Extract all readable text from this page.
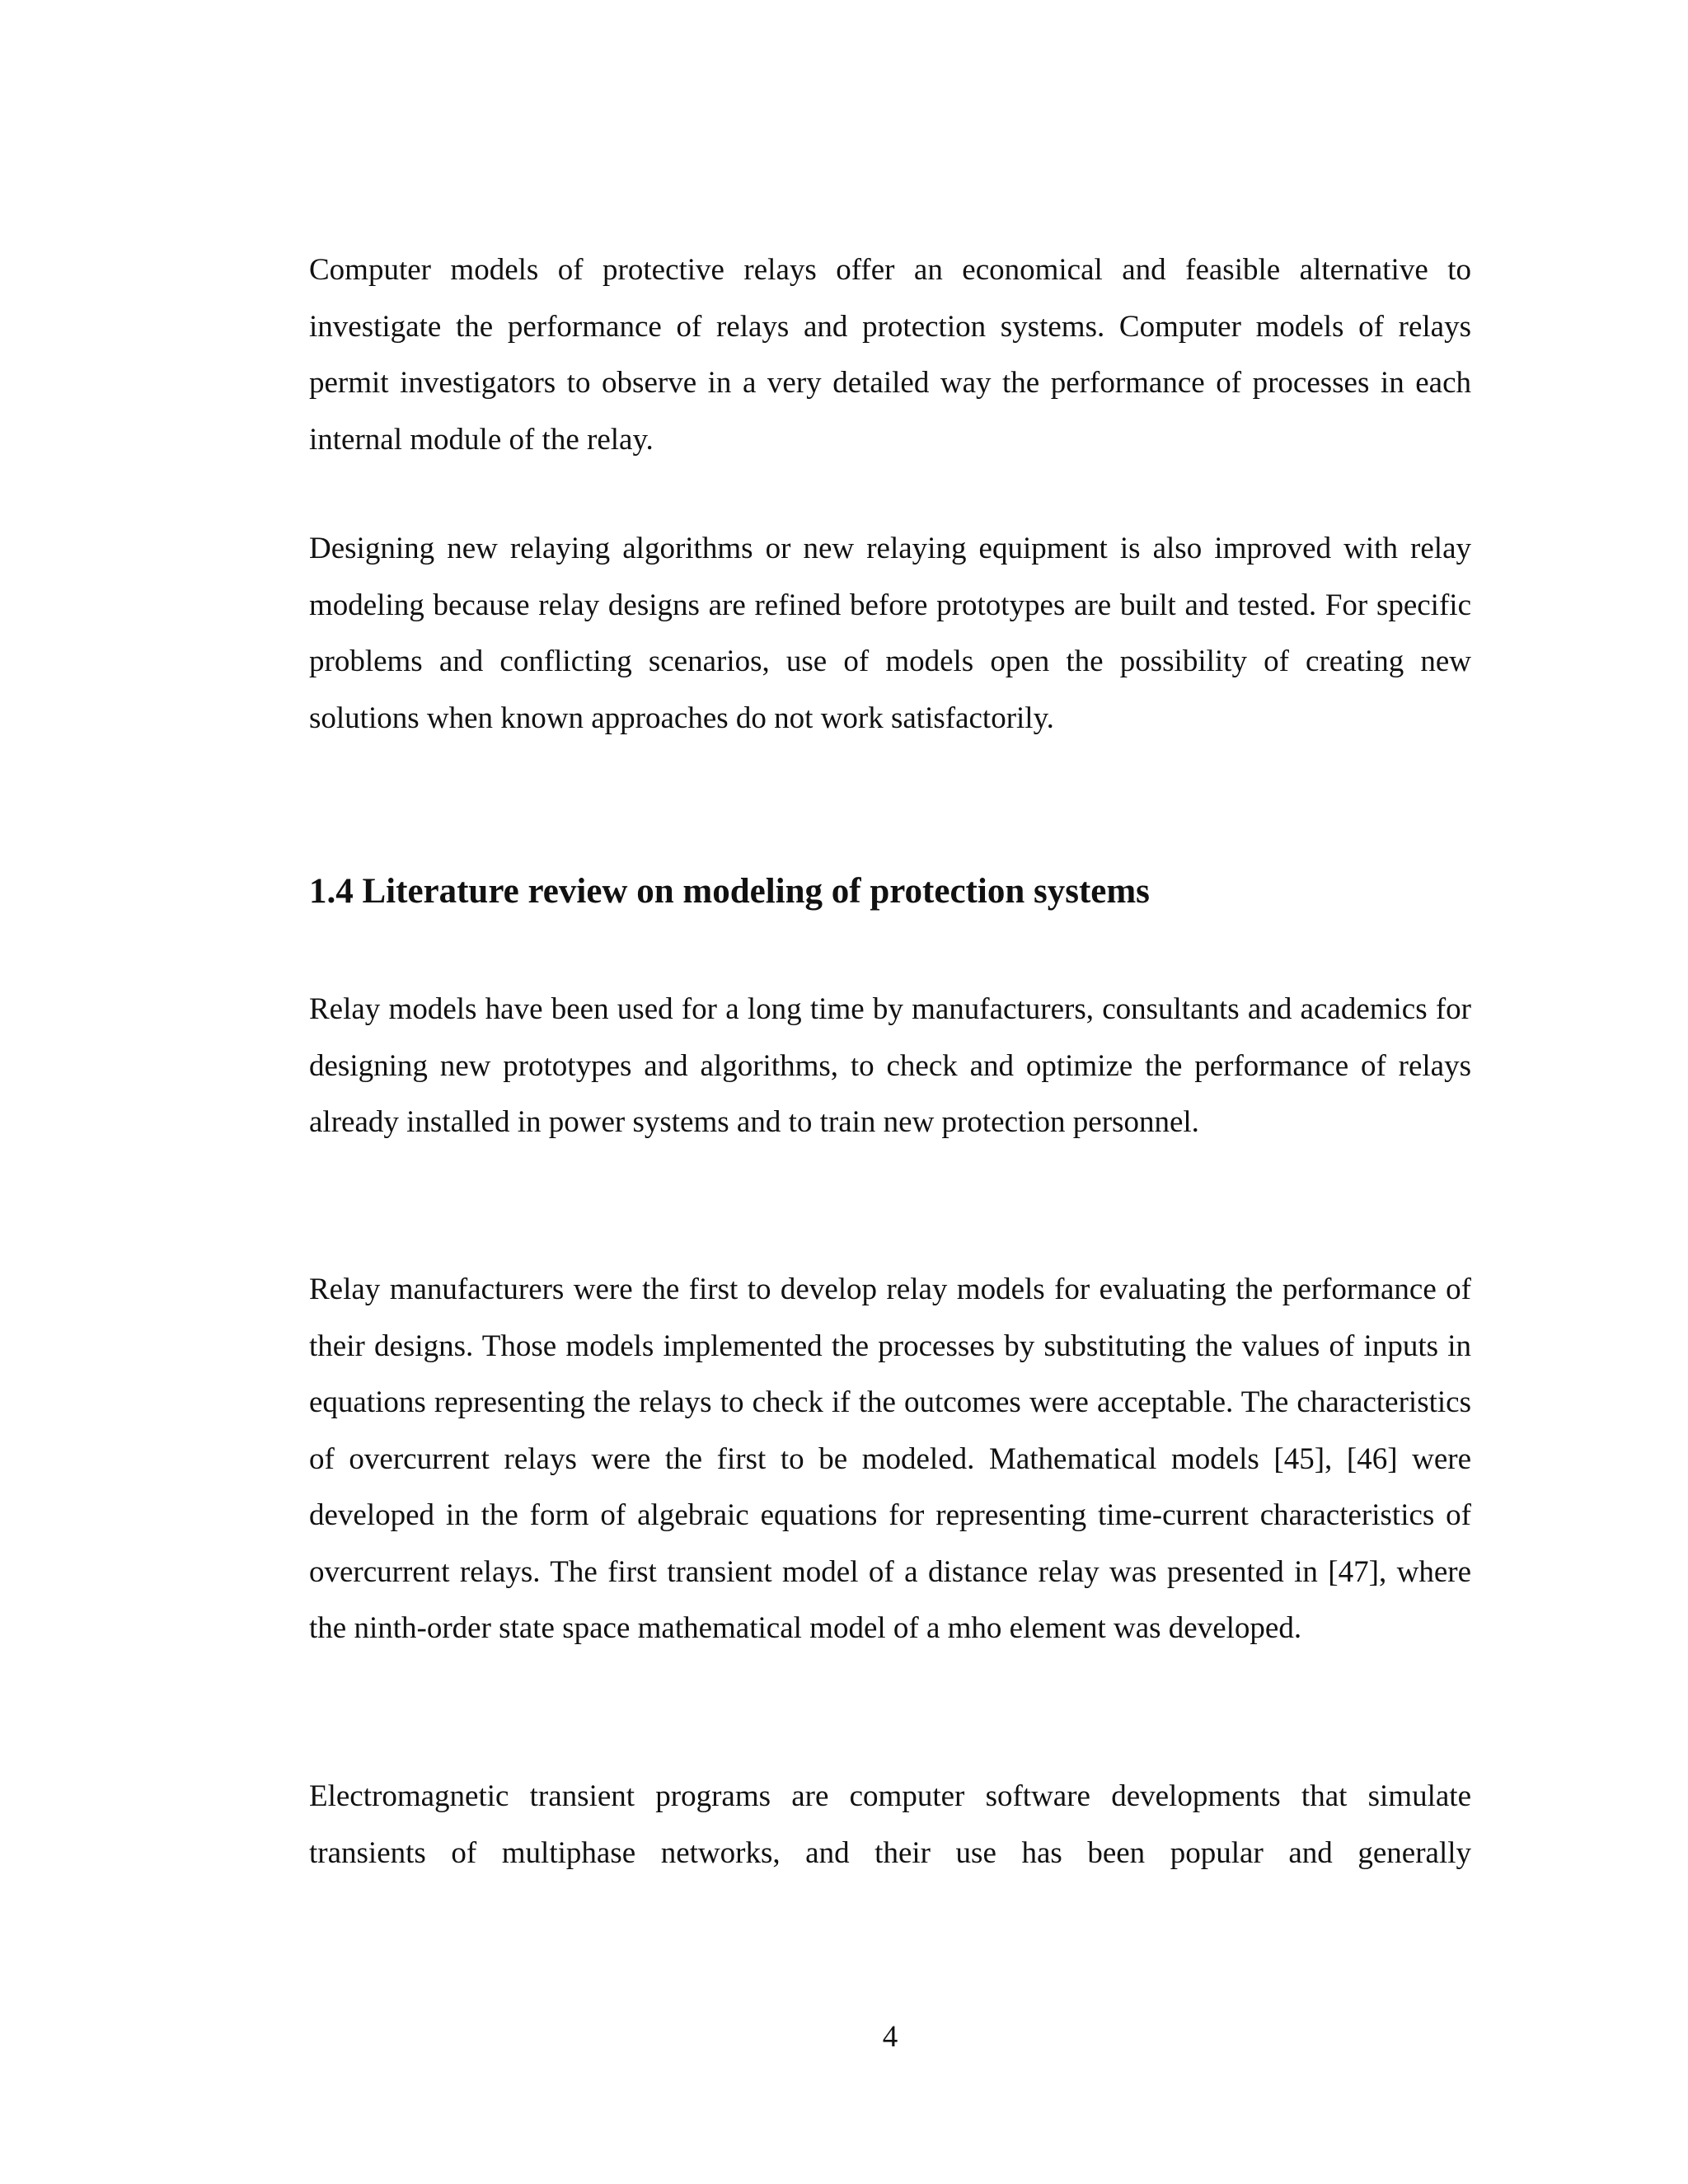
Computer models of protective relays offer an economical and feasible alternative to investigate the performance of relays and protection systems. Computer models of relays permit investigators to observe in a very detailed way the performance of processes in each internal module of the relay.

Designing new relaying algorithms or new relaying equipment is also improved with relay modeling because relay designs are refined before prototypes are built and tested. For specific problems and conflicting scenarios, use of models open the possibility of creating new solutions when known approaches do not work satisfactorily.

1.4 Literature review on modeling of protection systems

Relay models have been used for a long time by manufacturers, consultants and academics for designing new prototypes and algorithms, to check and optimize the performance of relays already installed in power systems and to train new protection personnel.

Relay manufacturers were the first to develop relay models for evaluating the performance of their designs. Those models implemented the processes by substituting the values of inputs in equations representing the relays to check if the outcomes were acceptable. The characteristics of overcurrent relays were the first to be modeled. Mathematical models [45], [46] were developed in the form of algebraic equations for representing time-current characteristics of overcurrent relays. The first transient model of a distance relay was presented in [47], where the ninth-order state space mathematical model of a mho element was developed.

Electromagnetic transient programs are computer software developments that simulate transients of multiphase networks, and their use has been popular and generally

4
